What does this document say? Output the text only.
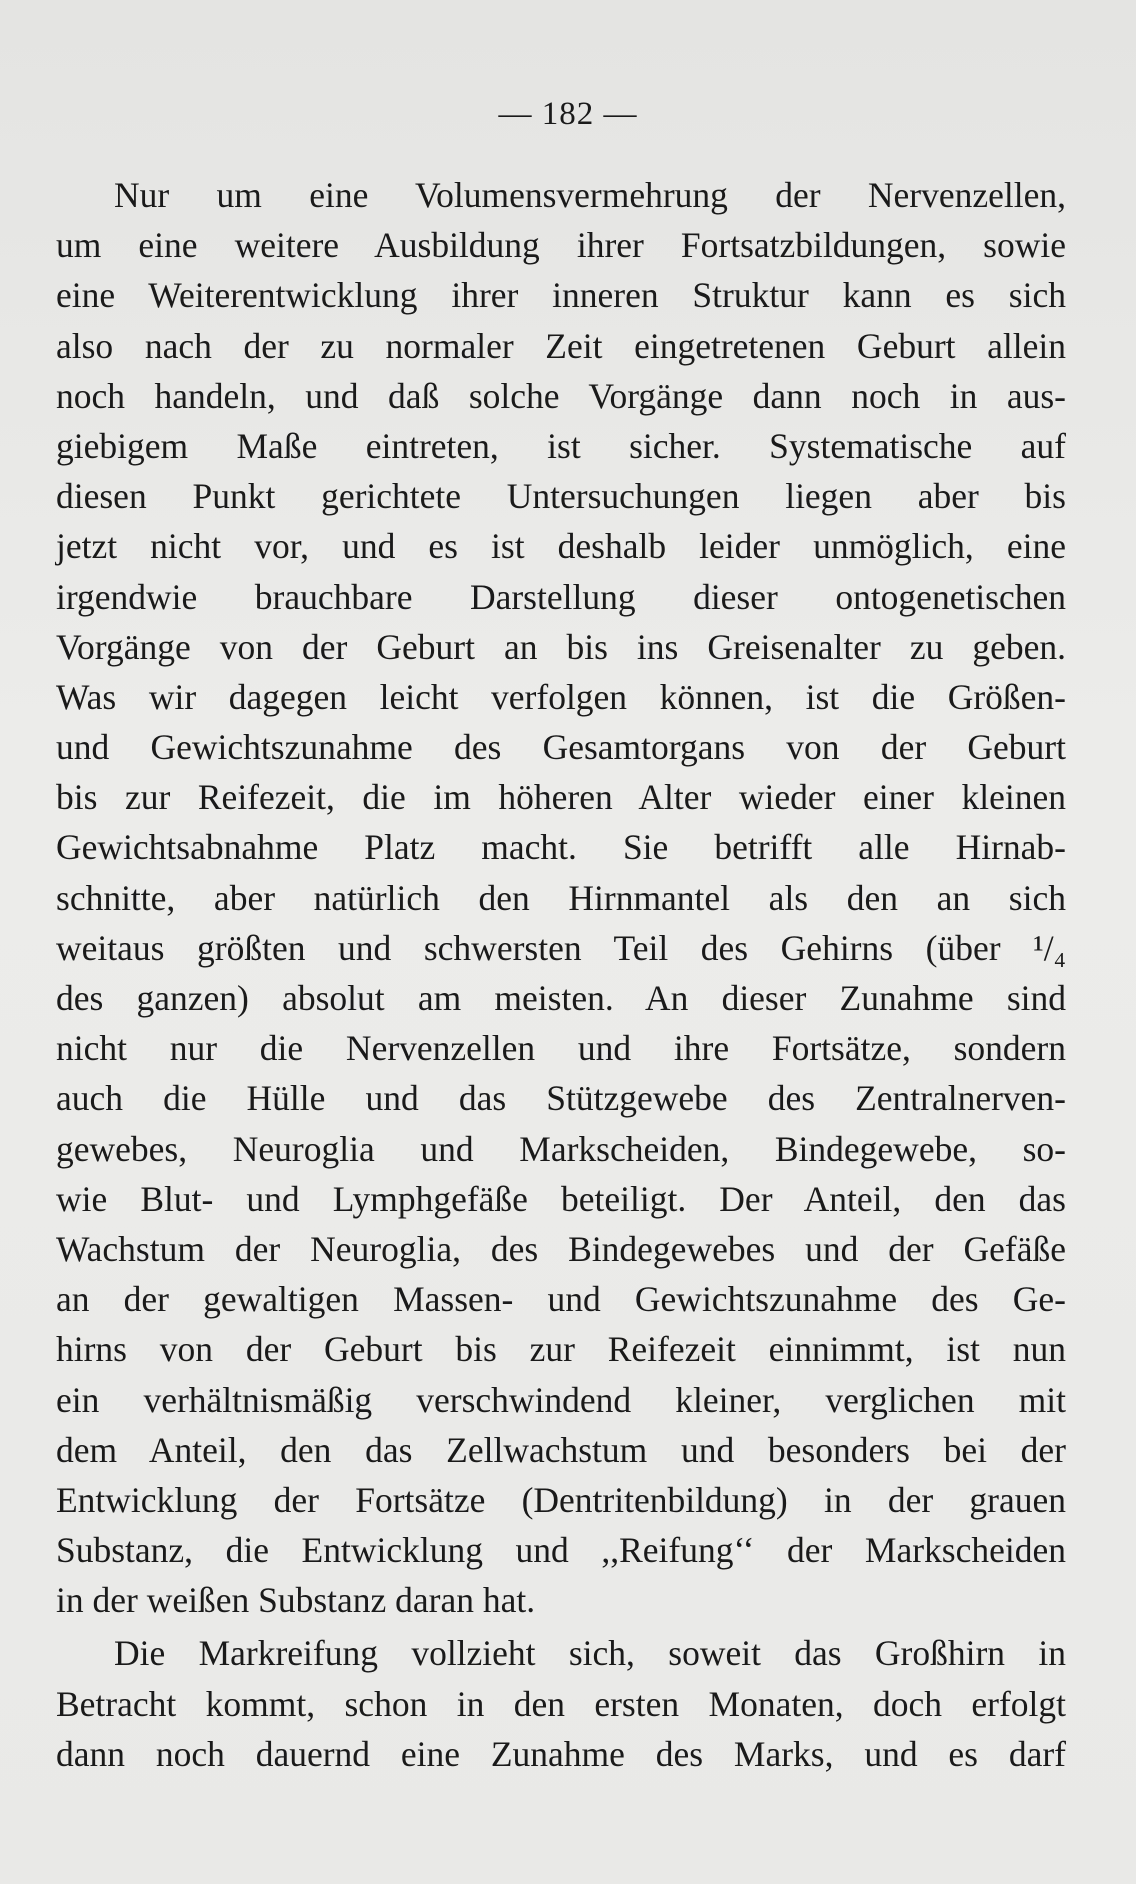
— 182 —
Nur um eine Volumensvermehrung der Nervenzellen,
um eine weitere Ausbildung ihrer Fortsatzbildungen, sowie
eine Weiterentwicklung ihrer inneren Struktur kann es sich
also nach der zu normaler Zeit eingetretenen Geburt allein
noch handeln, und daß solche Vorgänge dann noch in aus-
giebigem Maße eintreten, ist sicher. Systematische auf
diesen Punkt gerichtete Untersuchungen liegen aber bis
jetzt nicht vor, und es ist deshalb leider unmöglich, eine
irgendwie brauchbare Darstellung dieser ontogenetischen
Vorgänge von der Geburt an bis ins Greisenalter zu geben.
Was wir dagegen leicht verfolgen können, ist die Größen-
und Gewichtszunahme des Gesamtorgans von der Geburt
bis zur Reifezeit, die im höheren Alter wieder einer kleinen
Gewichtsabnahme Platz macht. Sie betrifft alle Hirnab-
schnitte, aber natürlich den Hirnmantel als den an sich
weitaus größten und schwersten Teil des Gehirns (über ¹/₄
des ganzen) absolut am meisten. An dieser Zunahme sind
nicht nur die Nervenzellen und ihre Fortsätze, sondern
auch die Hülle und das Stützgewebe des Zentralnerven-
gewebes, Neuroglia und Markscheiden, Bindegewebe, so-
wie Blut- und Lymphgefäße beteiligt. Der Anteil, den das
Wachstum der Neuroglia, des Bindegewebes und der Gefäße
an der gewaltigen Massen- und Gewichtszunahme des Ge-
hirns von der Geburt bis zur Reifezeit einnimmt, ist nun
ein verhältnismäßig verschwindend kleiner, verglichen mit
dem Anteil, den das Zellwachstum und besonders bei der
Entwicklung der Fortsätze (Dentritenbildung) in der grauen
Substanz, die Entwicklung und ,,Reifung‘‘ der Markscheiden
in der weißen Substanz daran hat.
Die Markreifung vollzieht sich, soweit das Großhirn in
Betracht kommt, schon in den ersten Monaten, doch erfolgt
dann noch dauernd eine Zunahme des Marks, und es darf
